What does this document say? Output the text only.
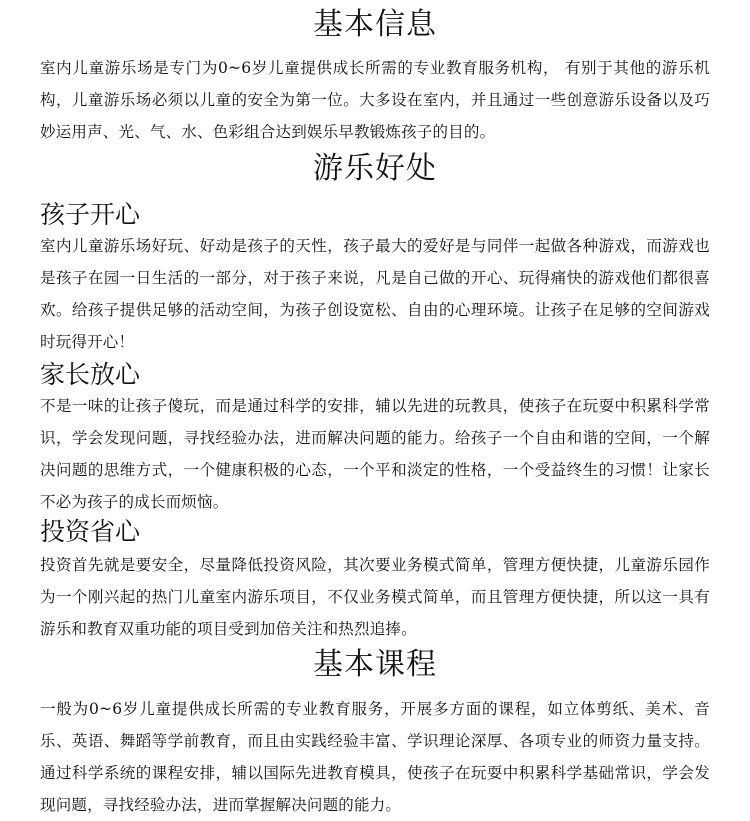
基本信息

室内儿童游乐场是专门为0~6岁儿童提供成长所需的专业教育服务机构， 有别于其他的游乐机构，儿童游乐场必须以儿童的安全为第一位。大多设在室内，并且通过一些创意游乐设备以及巧妙运用声、光、气、水、色彩组合达到娱乐早教锻炼孩子的目的。

游乐好处
孩子开心

室内儿童游乐场好玩、好动是孩子的天性，孩子最大的爱好是与同伴一起做各种游戏，而游戏也是孩子在园一日生活的一部分，对于孩子来说，凡是自己做的开心、玩得痛快的游戏他们都很喜欢。给孩子提供足够的活动空间，为孩子创设宽松、自由的心理环境。让孩子在足够的空间游戏时玩得开心！

家长放心

不是一味的让孩子傻玩，而是通过科学的安排，辅以先进的玩教具，使孩子在玩耍中积累科学常识，学会发现问题，寻找经验办法，进而解决问题的能力。给孩子一个自由和谐的空间，一个解决问题的思维方式，一个健康积极的心态，一个平和淡定的性格，一个受益终生的习惯！让家长不必为孩子的成长而烦恼。

投资省心

投资首先就是要安全，尽量降低投资风险，其次要业务模式简单，管理方便快捷，儿童游乐园作为一个刚兴起的热门儿童室内游乐项目，不仅业务模式简单，而且管理方便快捷，所以这一具有游乐和教育双重功能的项目受到加倍关注和热烈追捧。

基本课程

一般为0~6岁儿童提供成长所需的专业教育服务，开展多方面的课程，如立体剪纸、美术、音乐、英语、舞蹈等学前教育，而且由实践经验丰富、学识理论深厚、各项专业的师资力量支持。通过科学系统的课程安排，辅以国际先进教育模具，使孩子在玩耍中积累科学基础常识，学会发现问题，寻找经验办法，进而掌握解决问题的能力。
